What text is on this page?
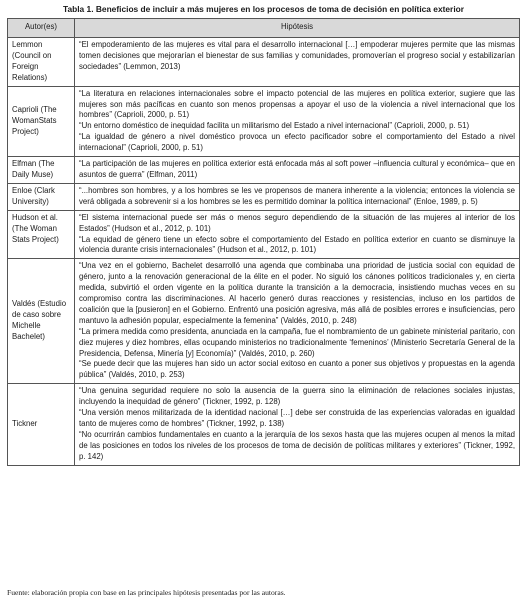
Tabla 1. Beneficios de incluir a más mujeres en los procesos de toma de decisión en política exterior
Autor(es)	Hipótesis
Lemmon (Council on Foreign Relations)	“El empoderamiento de las mujeres es vital para el desarrollo internacional […] empoderar mujeres permite que las mismas tomen decisiones que mejorarían el bienestar de sus familias y comunidades, promoverían el progreso social y estabilizarían sociedades” (Lemmon, 2013)

Caprioli (The WomanStats Project)	“La literatura en relaciones internacionales sobre el impacto potencial de las mujeres en política exterior, sugiere que las mujeres son más pacíficas en cuanto son menos propensas a apoyar el uso de la violencia a nivel internacional que los hombres” (Caprioli, 2000, p. 51)

“Un entorno doméstico de inequidad facilita un militarismo del Estado a nivel internacional” (Caprioli, 2000, p. 51)

“La igualdad de género a nivel doméstico provoca un efecto pacificador sobre el comportamiento del Estado a nivel internacional” (Caprioli, 2000, p. 51)

Elfman (The Daily Muse)	“La participación de las mujeres en política exterior está enfocada más al soft power –influencia cultural y económica– que en asuntos de guerra” (Elfman, 2011)

Enloe (Clark University)	“...hombres son hombres, y a los hombres se les ve propensos de manera inherente a la violencia; entonces la violencia se verá obligada a sobrevenir si a los hombres se les es permitido dominar la política internacional” (Enloe, 1989, p. 5)

Hudson et al. (The Woman Stats Project)	“El sistema internacional puede ser más o menos seguro dependiendo de la situación de las mujeres al interior de los Estados” (Hudson et al., 2012, p. 101)

“La equidad de género tiene un efecto sobre el comportamiento del Estado en política exterior en cuanto se disminuye la violencia durante crisis internacionales” (Hudson et al., 2012, p. 101)

Valdés (Estudio de caso sobre Michelle Bachelet)	“Una vez en el gobierno, Bachelet desarrolló una agenda que combinaba una prioridad de justicia social con equidad de género, junto a la renovación generacional de la élite en el poder. No siguió los cánones políticos tradicionales y, en cierta medida, subvirtió el orden vigente en la política durante la transición a la democracia, insistiendo muchas veces en su compromiso contra las discriminaciones. Al hacerlo generó duras reacciones y resistencias, incluso en los partidos de coalición que la [pusieron] en el Gobierno. Enfrentó una posición agresiva, más allá de posibles errores e insuficiencias, pero mantuvo la adhesión popular, especialmente la femenina” (Valdés, 2010, p. 248)

“La primera medida como presidenta, anunciada en la campaña, fue el nombramiento de un gabinete ministerial paritario, con diez mujeres y diez hombres, ellas ocupando ministerios no tradicionalmente ‘femeninos’ (Ministerio Secretaría General de la Presidencia, Defensa, Minería [y] Economía)” (Valdés, 2010, p. 260)

“Se puede decir que las mujeres han sido un actor social exitoso en cuanto a poner sus objetivos y propuestas en la agenda pública” (Valdés, 2010, p. 253)

Tickner	“Una genuina seguridad requiere no solo la ausencia de la guerra sino la eliminación de relaciones sociales injustas, incluyendo la inequidad de género” (Tickner, 1992, p. 128)

“Una versión menos militarizada de la identidad nacional […] debe ser construida de las experiencias valoradas en igualdad tanto de mujeres como de hombres” (Tickner, 1992, p. 138)

“No ocurrirán cambios fundamentales en cuanto a la jerarquía de los sexos hasta que las mujeres ocupen al menos la mitad de las posiciones en todos los niveles de los procesos de toma de decisión de políticas militares y exteriores” (Tickner, 1992, p. 142)

Fuente: elaboración propia con base en las principales hipótesis presentadas por las autoras.
